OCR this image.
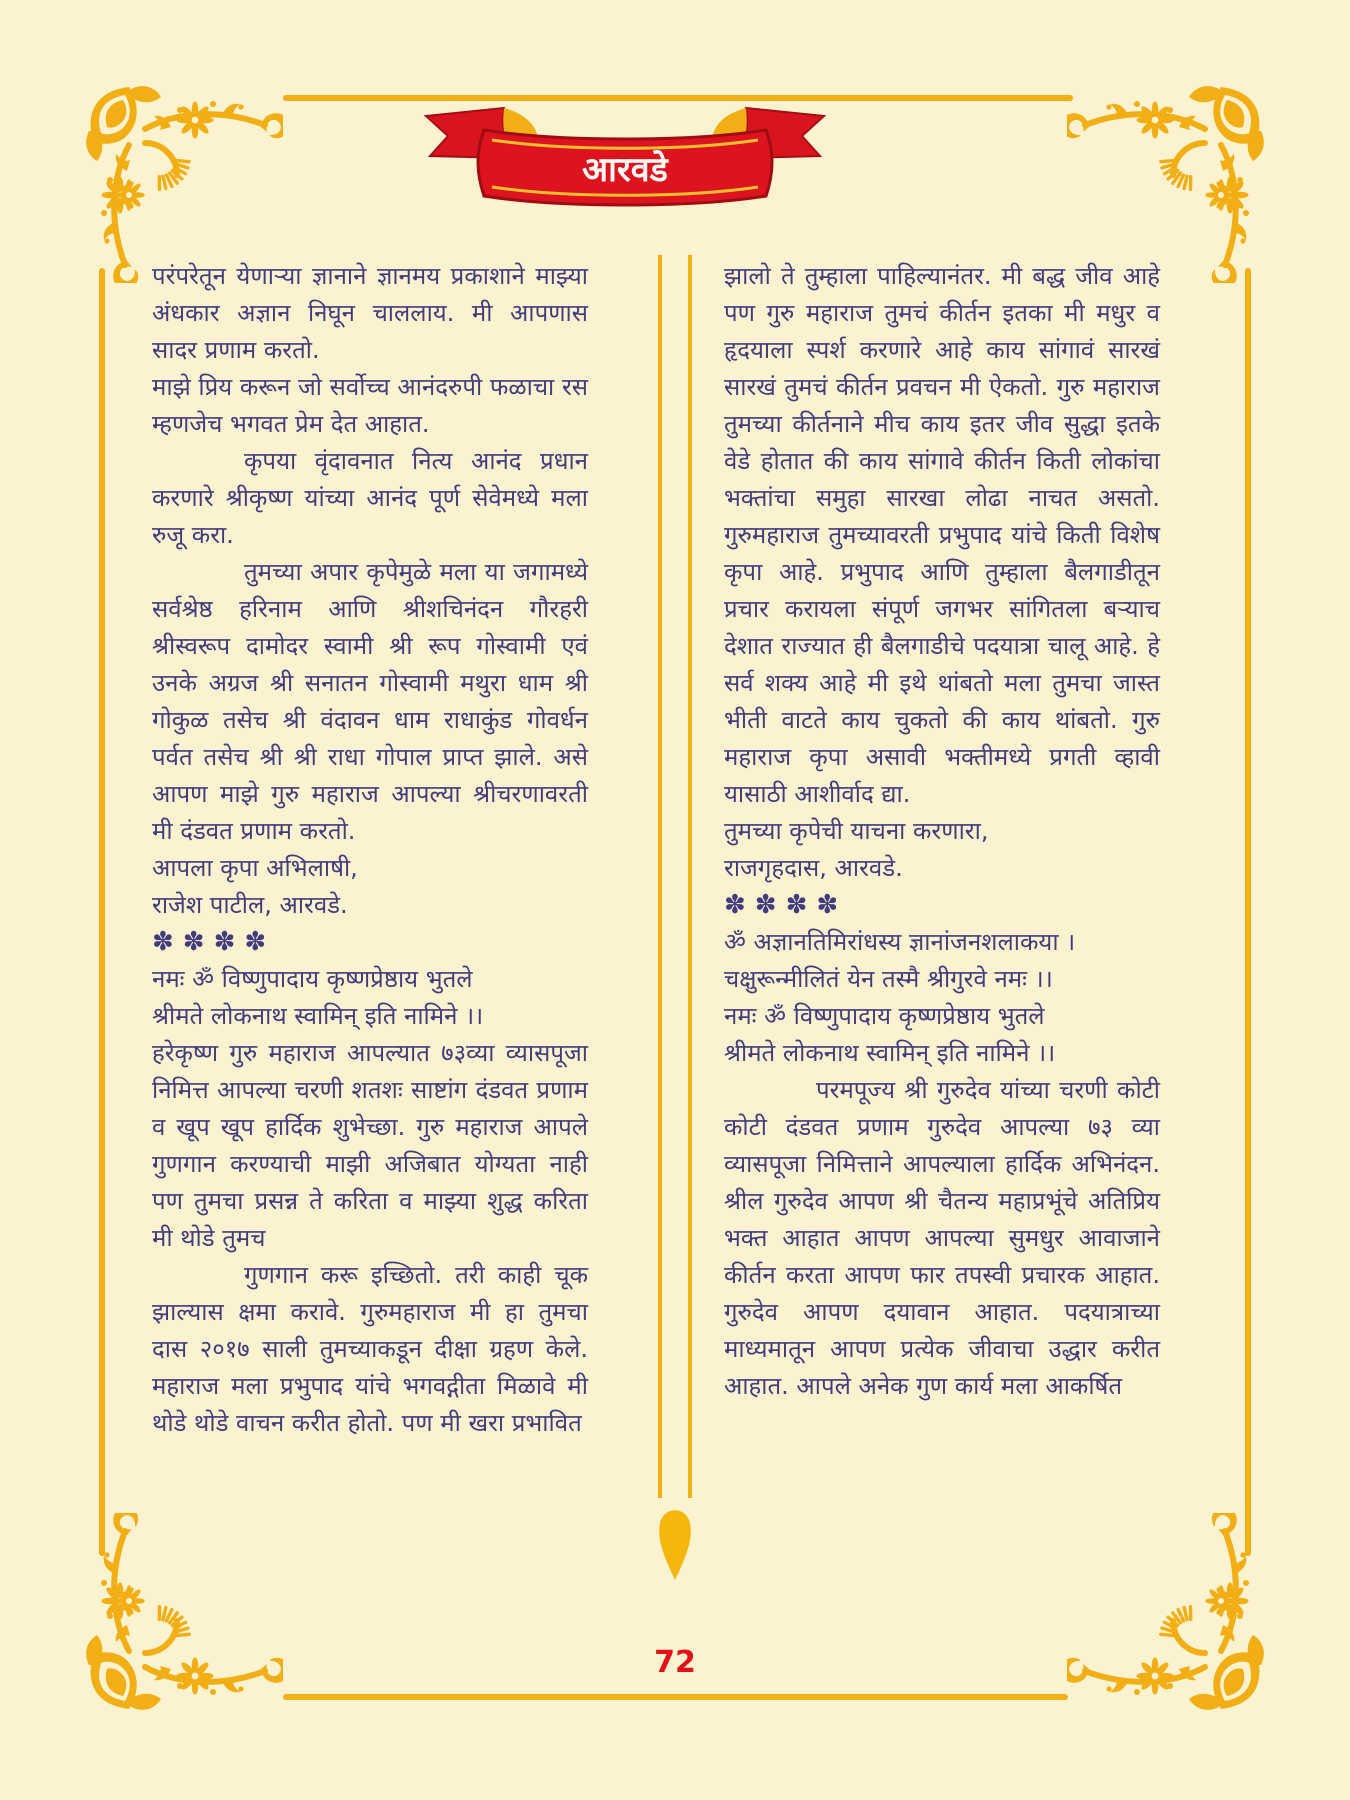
आरवडे

परंपरेतून येणाऱ्या ज्ञानाने ज्ञानमय प्रकाशाने माझ्या अंधकार अज्ञान निघून चाललाय. मी आपणास सादर प्रणाम करतो.

माझे प्रिय करून जो सर्वोच्च आनंदरुपी फळाचा रस म्हणजेच भगवत प्रेम देत आहात.

कृपया वृंदावनात नित्य आनंद प्रधान करणारे श्रीकृष्ण यांच्या आनंद पूर्ण सेवेमध्ये मला रुजू करा.

तुमच्या अपार कृपेमुळे मला या जगामध्ये सर्वश्रेष्ठ हरिनाम आणि श्रीशचिनंदन गौरहरी श्रीस्वरूप दामोदर स्वामी श्री रूप गोस्वामी एवं उनके अग्रज श्री सनातन गोस्वामी मथुरा धाम श्री गोकुळ तसेच श्री वंदावन धाम राधाकुंड गोवर्धन पर्वत तसेच श्री श्री राधा गोपाल प्राप्त झाले. असे आपण माझे गुरु महाराज आपल्या श्रीचरणावरती मी दंडवत प्रणाम करतो.

आपला कृपा अभिलाषी,

राजेश पाटील, आरवडे.

✽✽✽✽

नमः ॐ विष्णुपादाय कृष्णप्रेष्ठाय भुतले

श्रीमते लोकनाथ स्वामिन् इति नामिने ।।

हरेकृष्ण गुरु महाराज आपल्यात ७३व्या व्यासपूजा निमित्त आपल्या चरणी शतशः साष्टांग दंडवत प्रणाम व खूप खूप हार्दिक शुभेच्छा. गुरु महाराज आपले गुणगान करण्याची माझी अजिबात योग्यता नाही पण तुमचा प्रसन्न ते करिता व माझ्या शुद्ध करिता मी थोडे तुमच

गुणगान करू इच्छितो. तरी काही चूक झाल्यास क्षमा करावे. गुरुमहाराज मी हा तुमचा दास २०१७ साली तुमच्याकडून दीक्षा ग्रहण केले. महाराज मला प्रभुपाद यांचे भगवद्गीता मिळावे मी थोडे थोडे वाचन करीत होतो. पण मी खरा प्रभावित

झालो ते तुम्हाला पाहिल्यानंतर. मी बद्ध जीव आहे पण गुरु महाराज तुमचं कीर्तन इतका मी मधुर व हृदयाला स्पर्श करणारे आहे काय सांगावं सारखं सारखं तुमचं कीर्तन प्रवचन मी ऐकतो. गुरु महाराज तुमच्या कीर्तनाने मीच काय इतर जीव सुद्धा इतके वेडे होतात की काय सांगावे कीर्तन किती लोकांचा भक्तांचा समुहा सारखा लोढा नाचत असतो. गुरुमहाराज तुमच्यावरती प्रभुपाद यांचे किती विशेष कृपा आहे. प्रभुपाद आणि तुम्हाला बैलगाडीतून प्रचार करायला संपूर्ण जगभर सांगितला बऱ्याच देशात राज्यात ही बैलगाडीचे पदयात्रा चालू आहे. हे सर्व शक्य आहे मी इथे थांबतो मला तुमचा जास्त भीती वाटते काय चुकतो की काय थांबतो. गुरु महाराज कृपा असावी भक्तीमध्ये प्रगती व्हावी यासाठी आशीर्वाद द्या.

तुमच्या कृपेची याचना करणारा,

राजगृहदास, आरवडे.

✽✽✽✽

ॐ अज्ञानतिमिरांधस्य ज्ञानांजनशलाकया ।

चक्षुरून्मीलितं येन तस्मै श्रीगुरवे नमः ।।

नमः ॐ विष्णुपादाय कृष्णप्रेष्ठाय भुतले

श्रीमते लोकनाथ स्वामिन् इति नामिने ।।

परमपूज्य श्री गुरुदेव यांच्या चरणी कोटी कोटी दंडवत प्रणाम गुरुदेव आपल्या ७३ व्या व्यासपूजा निमित्ताने आपल्याला हार्दिक अभिनंदन. श्रील गुरुदेव आपण श्री चैतन्य महाप्रभूंचे अतिप्रिय भक्त आहात आपण आपल्या सुमधुर आवाजाने कीर्तन करता आपण फार तपस्वी प्रचारक आहात. गुरुदेव आपण दयावान आहात. पदयात्राच्या माध्यमातून आपण प्रत्येक जीवाचा उद्धार करीत आहात. आपले अनेक गुण कार्य मला आकर्षित

72
